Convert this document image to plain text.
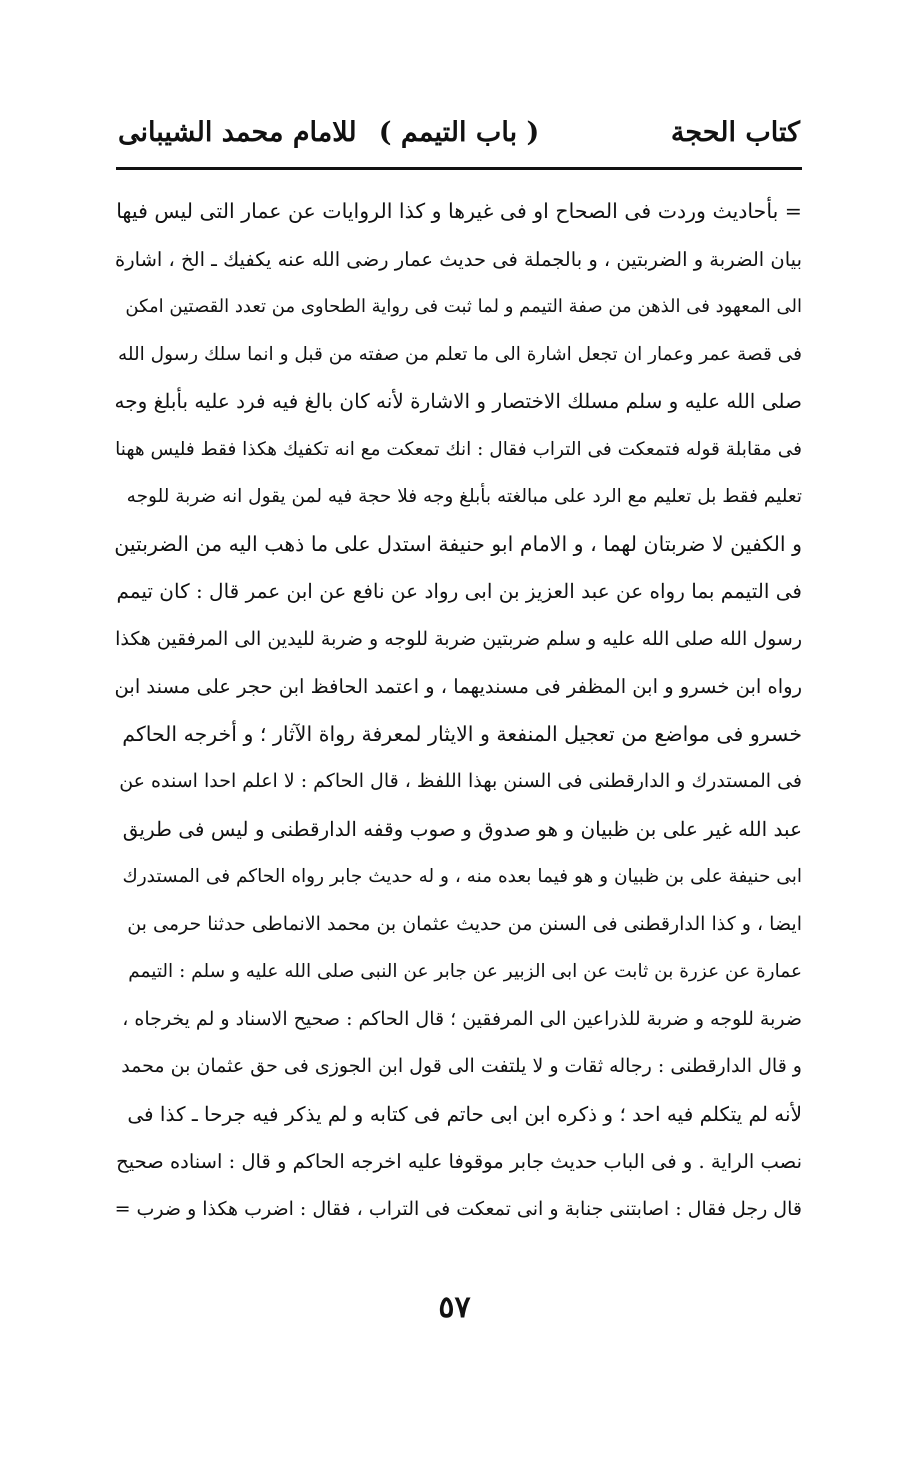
كتاب الحجة
( باب التيمم )
للامام محمد الشيبانى
= بأحاديث وردت فى الصحاح او فى غيرها و كذا الروايات عن عمار التى ليس فيها
بيان الضربة و الضربتين ، و بالجملة فى حديث عمار رضى الله عنه يكفيك ـ الخ ، اشارة
الى المعهود فى الذهن من صفة التيمم و لما ثبت فى رواية الطحاوى من تعدد القصتين امكن
فى قصة عمر وعمار ان تجعل اشارة الى ما تعلم من صفته من قبل و انما سلك رسول الله
صلى الله عليه و سلم مسلك الاختصار و الاشارة لأنه كان بالغ فيه فرد عليه بأبلغ وجه
فى مقابلة قوله فتمعكت فى التراب فقال : انك تمعكت مع انه تكفيك هكذا فقط فليس ههنا
تعليم فقط بل تعليم مع الرد على مبالغته بأبلغ وجه فلا حجة فيه لمن يقول انه ضربة للوجه
و الكفين لا ضربتان لهما ، و الامام ابو حنيفة استدل على ما ذهب اليه من الضربتين
فى التيمم بما رواه عن عبد العزيز بن ابى رواد عن نافع عن ابن عمر قال : كان تيمم
رسول الله صلى الله عليه و سلم ضربتين ضربة للوجه و ضربة لليدين الى المرفقين هكذا
رواه ابن خسرو و ابن المظفر فى مسنديهما ، و اعتمد الحافظ ابن حجر على مسند ابن
خسرو فى مواضع من تعجيل المنفعة و الايثار لمعرفة رواة الآثار ؛ و أخرجه الحاكم
فى المستدرك و الدارقطنى فى السنن بهذا اللفظ ، قال الحاكم : لا اعلم احدا اسنده عن
عبد الله غير على بن ظبيان و هو صدوق و صوب وقفه الدارقطنى و ليس فى طريق
ابى حنيفة على بن ظبيان و هو فيما بعده منه ، و له حديث جابر رواه الحاكم فى المستدرك
ايضا ، و كذا الدارقطنى فى السنن من حديث عثمان بن محمد الانماطى حدثنا حرمى بن
عمارة عن عزرة بن ثابت عن ابى الزبير عن جابر عن النبى صلى الله عليه و سلم : التيمم
ضربة للوجه و ضربة للذراعين الى المرفقين ؛ قال الحاكم : صحيح الاسناد و لم يخرجاه ،
و قال الدارقطنى : رجاله ثقات و لا يلتفت الى قول ابن الجوزى فى حق عثمان بن محمد
لأنه لم يتكلم فيه احد ؛ و ذكره ابن ابى حاتم فى كتابه و لم يذكر فيه جرحا ـ كذا فى
نصب الراية . و فى الباب حديث جابر موقوفا عليه اخرجه الحاكم و قال : اسناده صحيح
قال رجل فقال : اصابتنى جنابة و انى تمعكت فى التراب ، فقال : اضرب هكذا و ضرب =
٥٧
